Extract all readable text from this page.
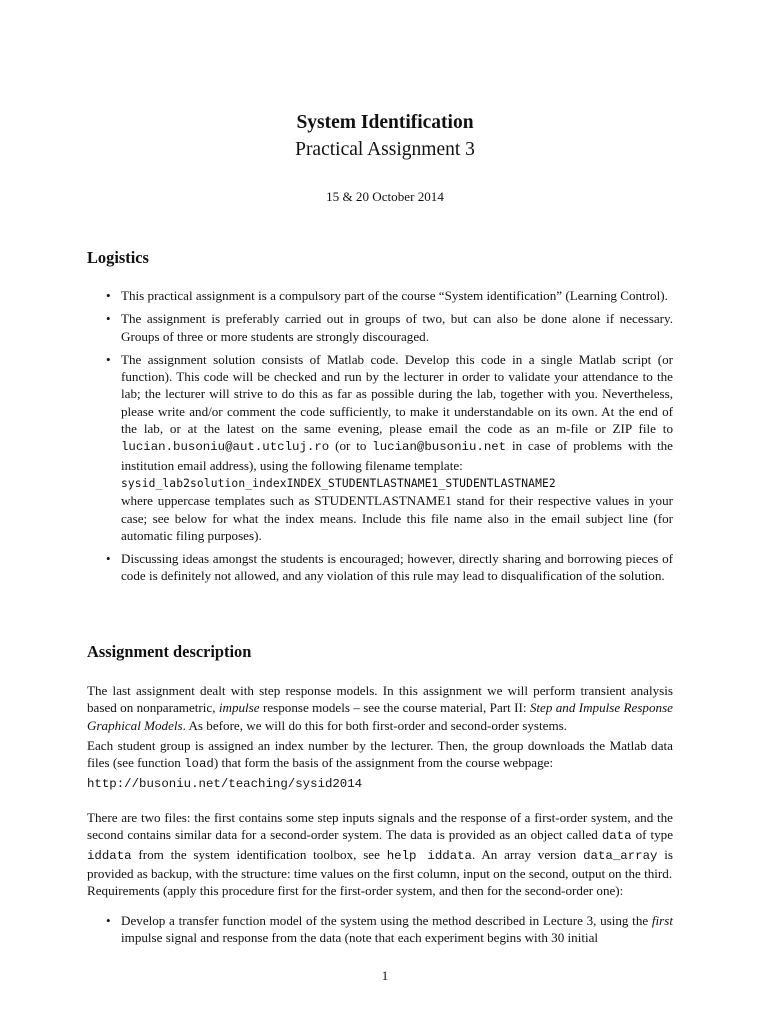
System Identification
Practical Assignment 3
15 & 20 October 2014
Logistics
• This practical assignment is a compulsory part of the course “System identification” (Learning Control).
• The assignment is preferably carried out in groups of two, but can also be done alone if necessary. Groups of three or more students are strongly discouraged.
• The assignment solution consists of Matlab code. Develop this code in a single Matlab script (or function). This code will be checked and run by the lecturer in order to validate your attendance to the lab; the lecturer will strive to do this as far as possible during the lab, together with you. Nevertheless, please write and/or comment the code sufficiently, to make it understandable on its own. At the end of the lab, or at the latest on the same evening, please email the code as an m-file or ZIP file to lucian.busoniu@aut.utcluj.ro (or to lucian@busoniu.net in case of problems with the institution email address), using the following filename template:
sysid_lab2solution_indexINDEX_STUDENTLASTNAME1_STUDENTLASTNAME2
where uppercase templates such as STUDENTLASTNAME1 stand for their respective values in your case; see below for what the index means. Include this file name also in the email subject line (for automatic filing purposes).
• Discussing ideas amongst the students is encouraged; however, directly sharing and borrowing pieces of code is definitely not allowed, and any violation of this rule may lead to disqualification of the solution.
Assignment description

The last assignment dealt with step response models. In this assignment we will perform transient analysis based on nonparametric, impulse response models – see the course material, Part II: Step and Impulse Response Graphical Models. As before, we will do this for both first-order and second-order systems.

Each student group is assigned an index number by the lecturer. Then, the group downloads the Matlab data files (see function load) that form the basis of the assignment from the course webpage:
http://busoniu.net/teaching/sysid2014

There are two files: the first contains some step inputs signals and the response of a first-order system, and the second contains similar data for a second-order system. The data is provided as an object called data of type iddata from the system identification toolbox, see help iddata. An array version data_array is provided as backup, with the structure: time values on the first column, input on the second, output on the third.

Requirements (apply this procedure first for the first-order system, and then for the second-order one):

• Develop a transfer function model of the system using the method described in Lecture 3, using the first impulse signal and response from the data (note that each experiment begins with 30 initial
1
